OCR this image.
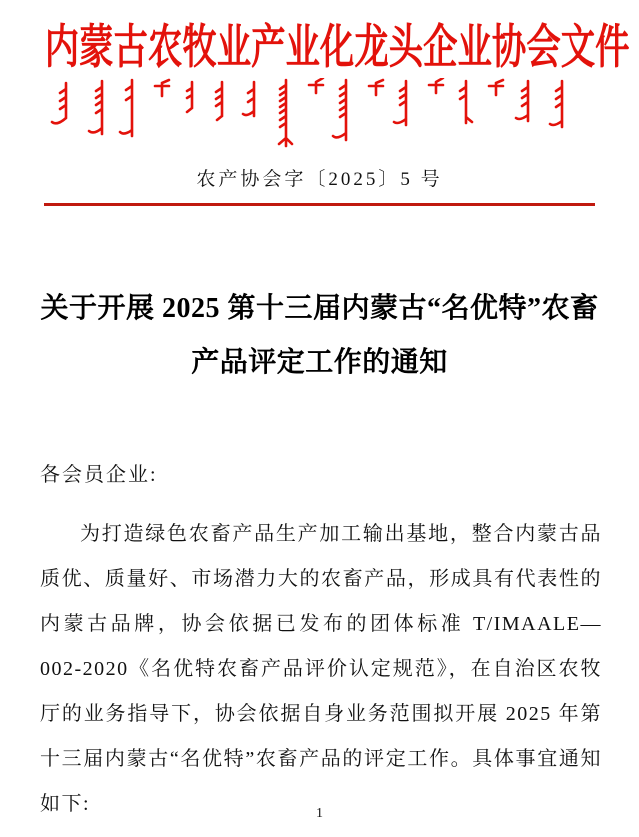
内蒙古农牧业产业化龙头企业协会文件
农产协会字〔2025〕5 号
关于开展 2025 第十三届内蒙古“名优特”农畜
产品评定工作的通知
各会员企业:
为打造绿色农畜产品生产加工输出基地，整合内蒙古品质优、质量好、市场潜力大的农畜产品，形成具有代表性的内蒙古品牌，协会依据已发布的团体标准 T/IMAALE—002-2020《名优特农畜产品评价认定规范》，在自治区农牧厅的业务指导下，协会依据自身业务范围拟开展 2025 年第十三届内蒙古“名优特”农畜产品的评定工作。具体事宜通知如下:	1
